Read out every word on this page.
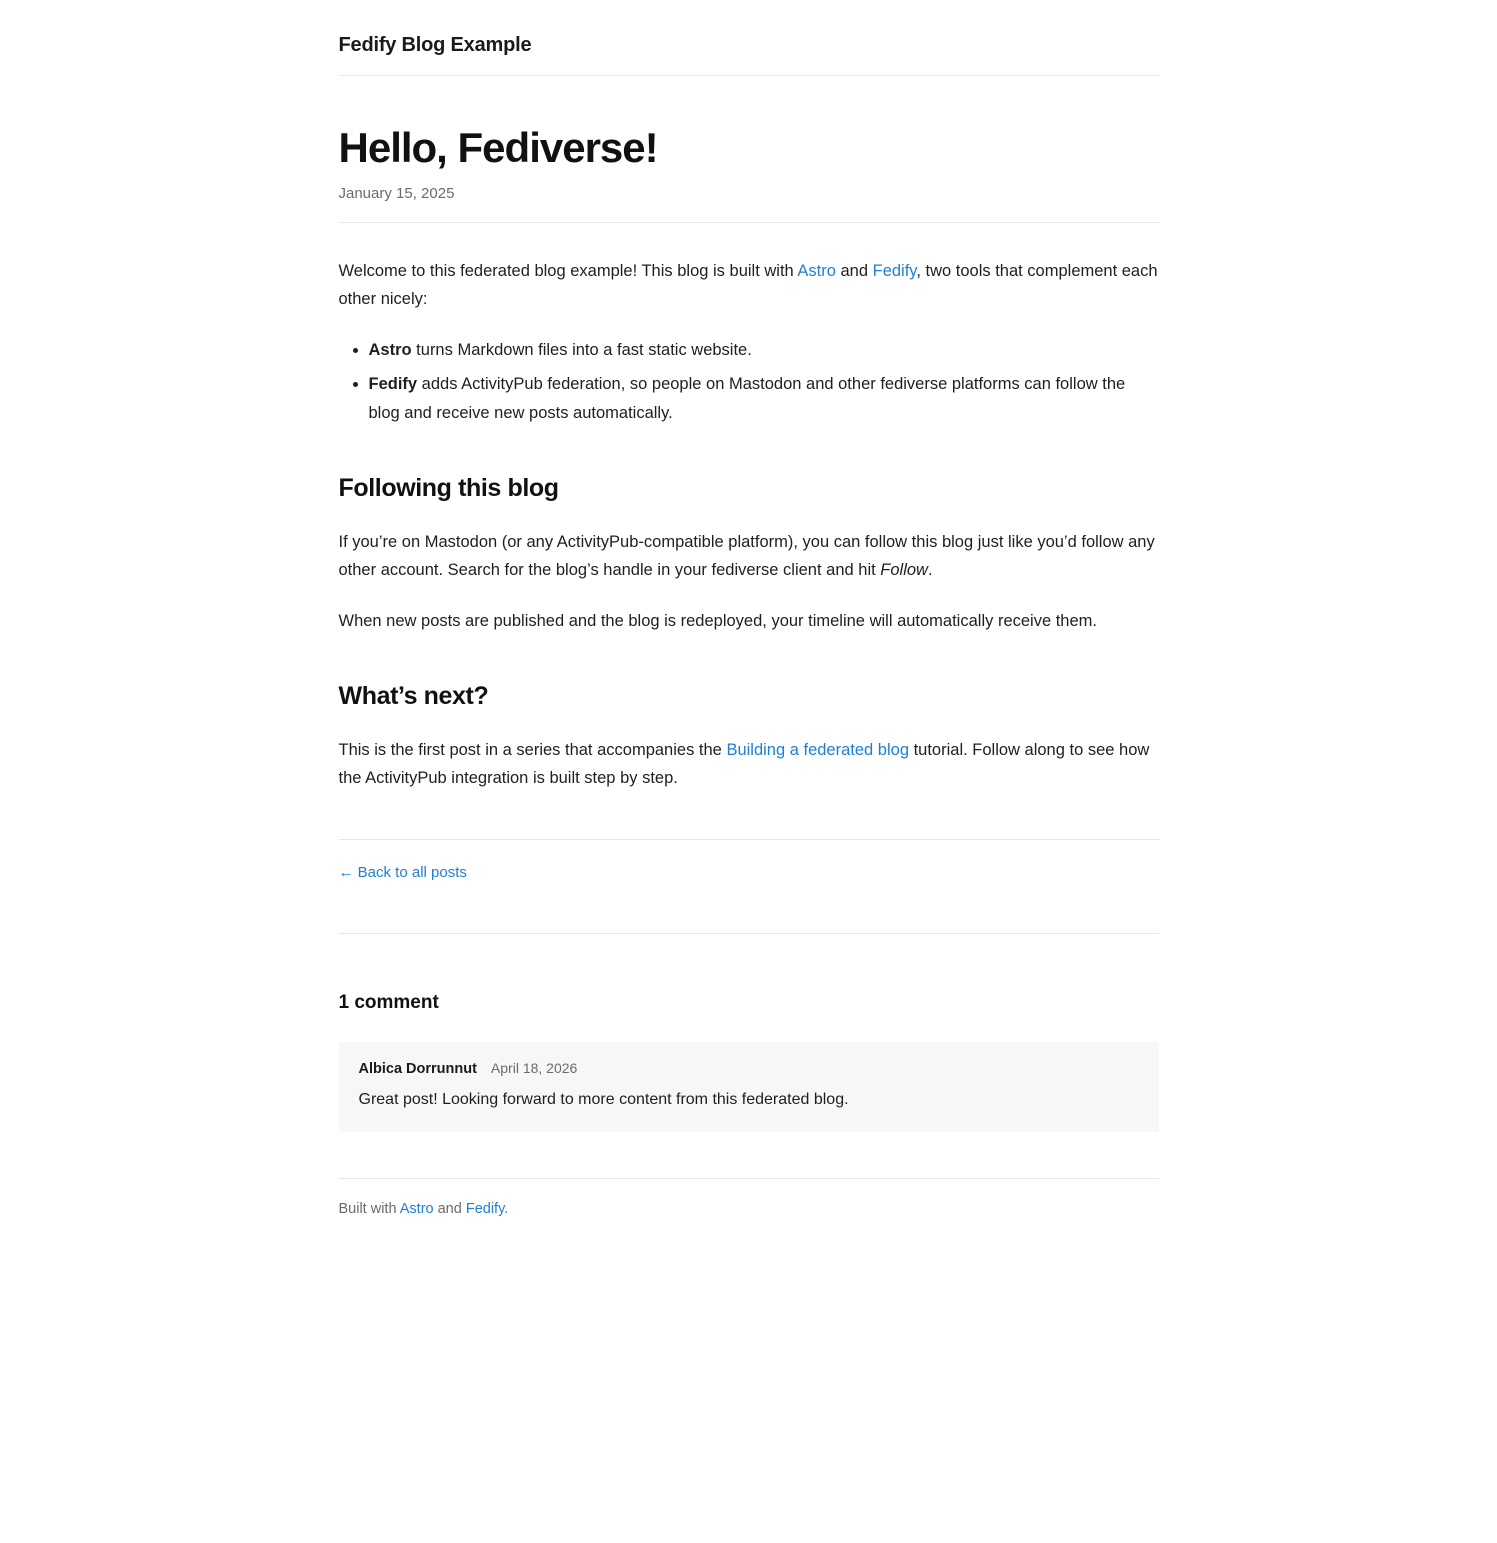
Fedify Blog Example
Hello, Fediverse!
January 15, 2025

Welcome to this federated blog example! This blog is built with Astro and Fedify, two tools that complement each other nicely:

• Astro turns Markdown files into a fast static website.
• Fedify adds ActivityPub federation, so people on Mastodon and other fediverse platforms can follow the blog and receive new posts automatically.
Following this blog

If you’re on Mastodon (or any ActivityPub-compatible platform), you can follow this blog just like you’d follow any other account. Search for the blog’s handle in your fediverse client and hit Follow.

When new posts are published and the blog is redeployed, your timeline will automatically receive them.

What’s next?

This is the first post in a series that accompanies the Building a federated blog tutorial. Follow along to see how the ActivityPub integration is built step by step.

← Back to all posts
1 comment
Albica Dorrunnut April 18, 2026

Great post! Looking forward to more content from this federated blog.

Built with Astro and Fedify.
